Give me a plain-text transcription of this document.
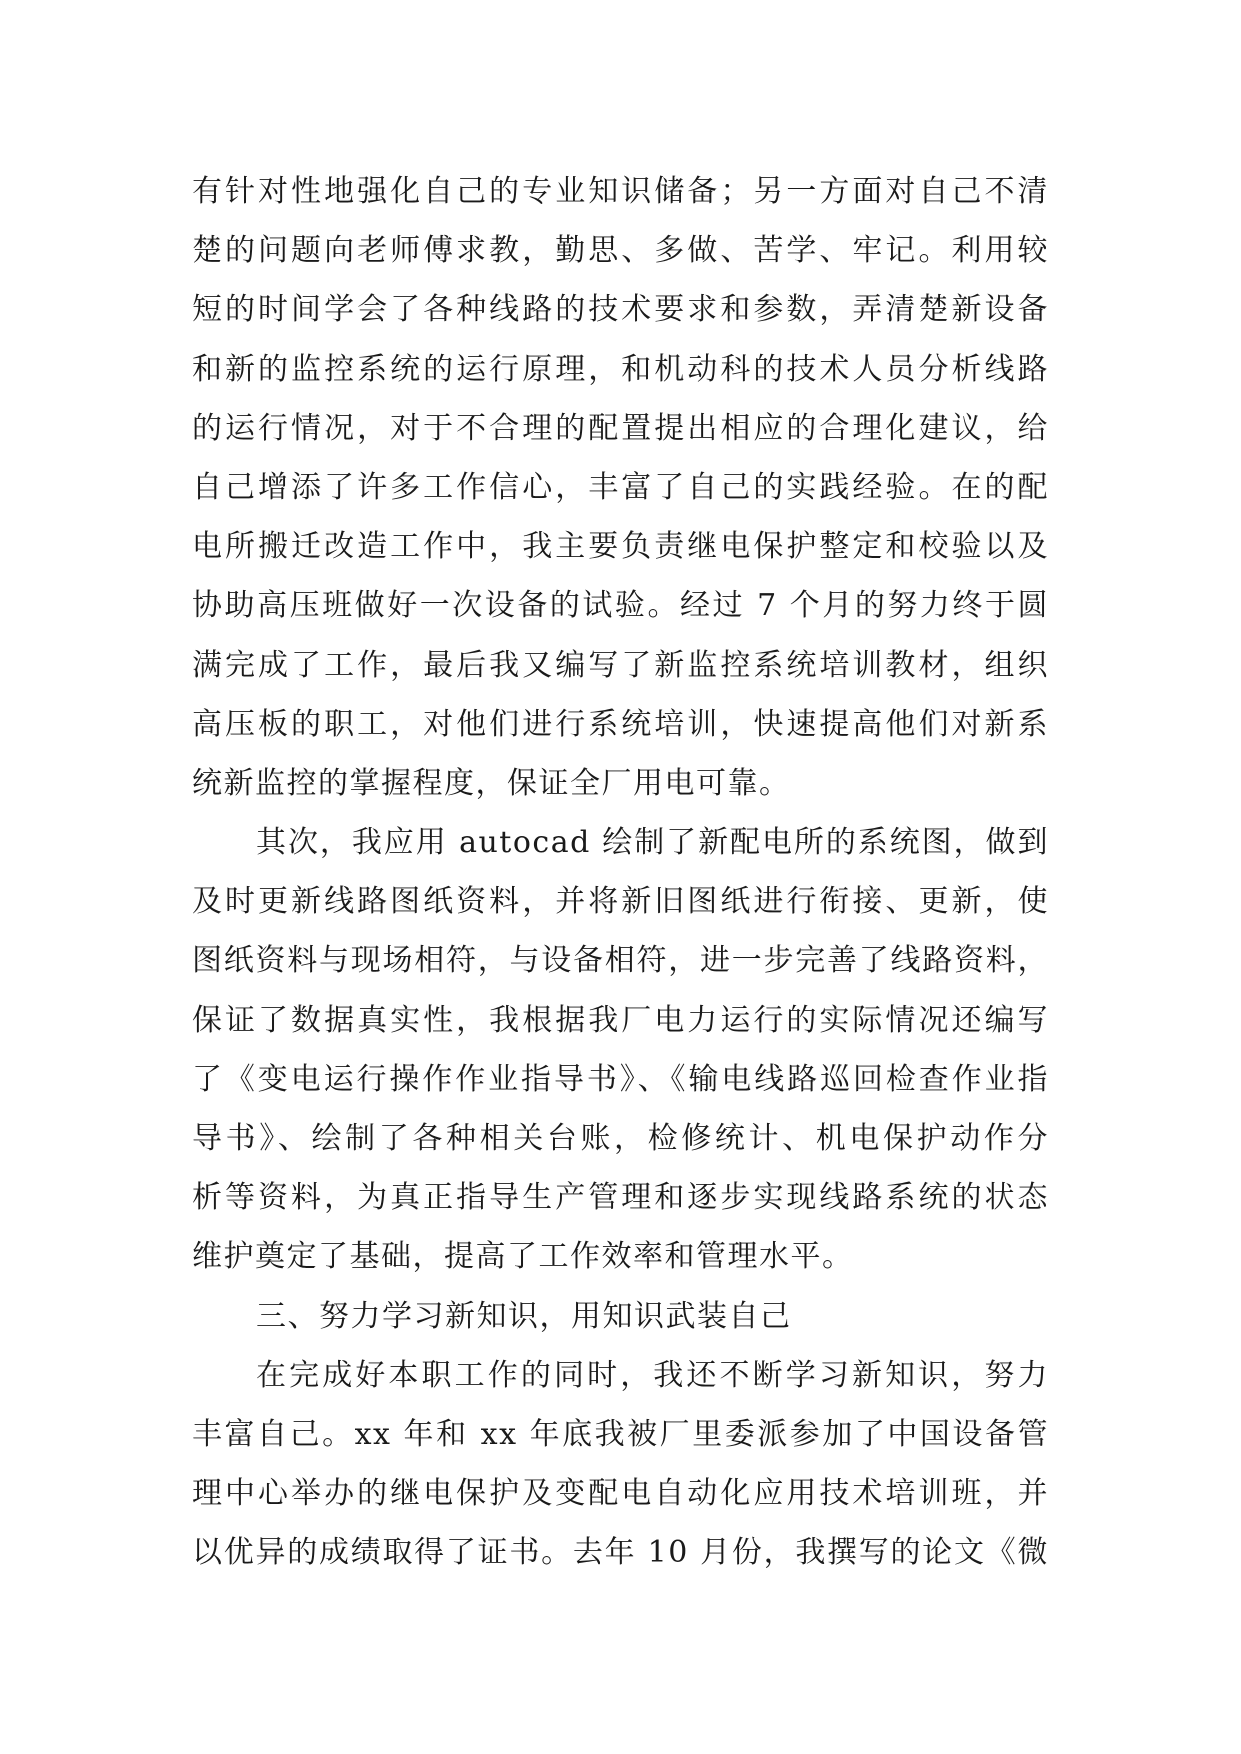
有针对性地强化自己的专业知识储备；另一方面对自己不清
楚的问题向老师傅求教，勤思、多做、苦学、牢记。利用较
短的时间学会了各种线路的技术要求和参数，弄清楚新设备
和新的监控系统的运行原理，和机动科的技术人员分析线路
的运行情况，对于不合理的配置提出相应的合理化建议，给
自己增添了许多工作信心，丰富了自己的实践经验。在的配
电所搬迁改造工作中，我主要负责继电保护整定和校验以及
协助高压班做好一次设备的试验。经过 7 个月的努力终于圆
满完成了工作，最后我又编写了新监控系统培训教材，组织
高压板的职工，对他们进行系统培训，快速提高他们对新系
统新监控的掌握程度，保证全厂用电可靠。
其次，我应用 autocad 绘制了新配电所的系统图，做到
及时更新线路图纸资料，并将新旧图纸进行衔接、更新，使
图纸资料与现场相符，与设备相符，进一步完善了线路资料，
保证了数据真实性，我根据我厂电力运行的实际情况还编写
了《变电运行操作作业指导书》、《输电线路巡回检查作业指
导书》、绘制了各种相关台账，检修统计、机电保护动作分
析等资料，为真正指导生产管理和逐步实现线路系统的状态
维护奠定了基础，提高了工作效率和管理水平。
三、努力学习新知识，用知识武装自己
在完成好本职工作的同时，我还不断学习新知识，努力
丰富自己。xx 年和 xx 年底我被厂里委派参加了中国设备管
理中心举办的继电保护及变配电自动化应用技术培训班，并
以优异的成绩取得了证书。去年 10 月份，我撰写的论文《微
